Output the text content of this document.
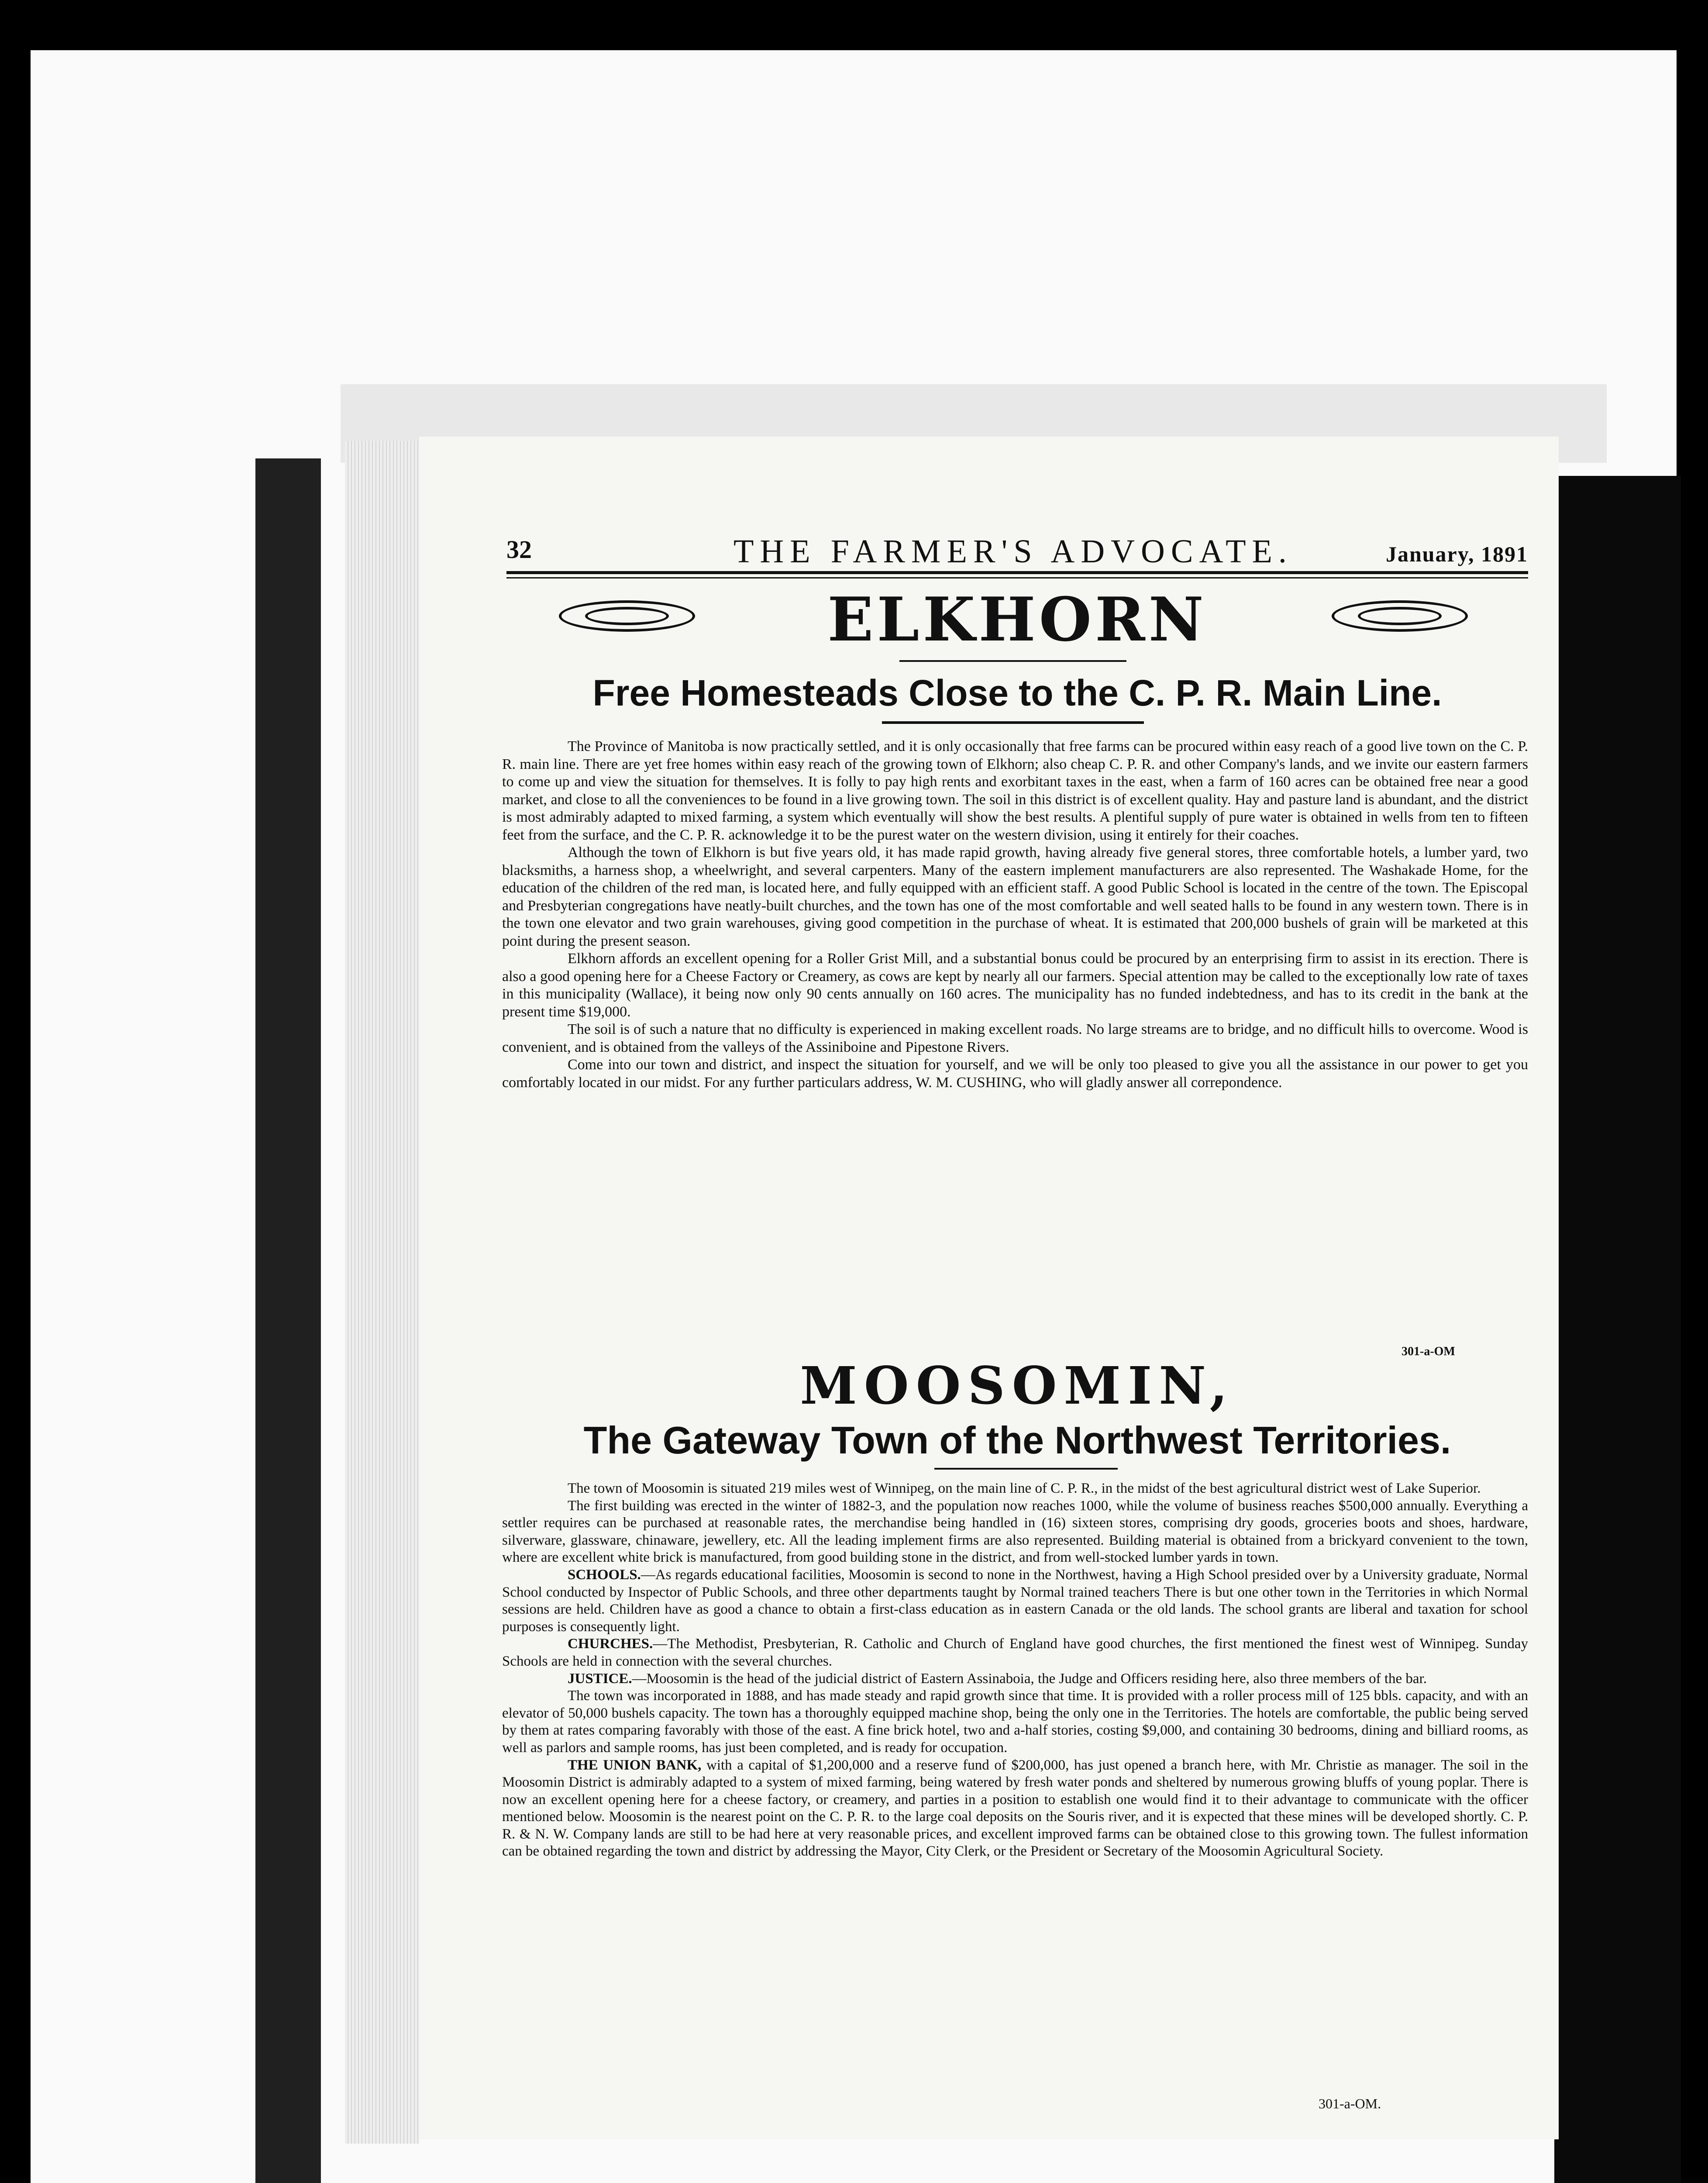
32	THE FARMER'S ADVOCATE.	January, 1891
ELKHORN
Free Homesteads Close to the C. P. R. Main Line.

The Province of Manitoba is now practically settled, and it is only occasionally that free farms can be procured within easy reach of a good live town on the C. P. R. main line. There are yet free homes within easy reach of the growing town of Elkhorn; also cheap C. P. R. and other Company's lands, and we invite our eastern farmers to come up and view the situation for themselves. It is folly to pay high rents and exorbitant taxes in the east, when a farm of 160 acres can be obtained free near a good market, and close to all the conveniences to be found in a live growing town. The soil in this district is of excellent quality. Hay and pasture land is abundant, and the district is most admirably adapted to mixed farming, a system which eventually will show the best results. A plentiful supply of pure water is obtained in wells from ten to fifteen feet from the surface, and the C. P. R. acknowledge it to be the purest water on the western division, using it entirely for their coaches.

Although the town of Elkhorn is but five years old, it has made rapid growth, having already five general stores, three comfortable hotels, a lumber yard, two blacksmiths, a harness shop, a wheelwright, and several carpenters. Many of the eastern implement manufacturers are also represented. The Washakade Home, for the education of the children of the red man, is located here, and fully equipped with an efficient staff. A good Public School is located in the centre of the town. The Episcopal and Presbyterian congregations have neatly-built churches, and the town has one of the most comfortable and well seated halls to be found in any western town. There is in the town one elevator and two grain warehouses, giving good competition in the purchase of wheat. It is estimated that 200,000 bushels of grain will be marketed at this point during the present season.

Elkhorn affords an excellent opening for a Roller Grist Mill, and a substantial bonus could be procured by an enterprising firm to assist in its erection. There is also a good opening here for a Cheese Factory or Creamery, as cows are kept by nearly all our farmers. Special attention may be called to the exceptionally low rate of taxes in this municipality (Wallace), it being now only 90 cents annually on 160 acres. The municipality has no funded indebtedness, and has to its credit in the bank at the present time $19,000.

The soil is of such a nature that no difficulty is experienced in making excellent roads. No large streams are to bridge, and no difficult hills to overcome. Wood is convenient, and is obtained from the valleys of the Assiniboine and Pipestone Rivers.

Come into our town and district, and inspect the situation for yourself, and we will be only too pleased to give you all the assistance in our power to get you comfortably located in our midst. For any further particulars address, W. M. CUSHING, who will gladly answer all correpondence.

301-a-OM
MOOSOMIN,
The Gateway Town of the Northwest Territories.

The town of Moosomin is situated 219 miles west of Winnipeg, on the main line of C. P. R., in the midst of the best agricultural district west of Lake Superior.

The first building was erected in the winter of 1882-3, and the population now reaches 1000, while the volume of business reaches $500,000 annually. Everything a settler requires can be purchased at reasonable rates, the merchandise being handled in (16) sixteen stores, comprising dry goods, groceries boots and shoes, hardware, silverware, glassware, chinaware, jewellery, etc. All the leading implement firms are also represented. Building material is obtained from a brickyard convenient to the town, where are excellent white brick is manufactured, from good building stone in the district, and from well-stocked lumber yards in town.

SCHOOLS.—As regards educational facilities, Moosomin is second to none in the Northwest, having a High School presided over by a University graduate, Normal School conducted by Inspector of Public Schools, and three other departments taught by Normal trained teachers There is but one other town in the Territories in which Normal sessions are held. Children have as good a chance to obtain a first-class education as in eastern Canada or the old lands. The school grants are liberal and taxation for school purposes is consequently light.

CHURCHES.—The Methodist, Presbyterian, R. Catholic and Church of England have good churches, the first mentioned the finest west of Winnipeg. Sunday Schools are held in connection with the several churches.

JUSTICE.—Moosomin is the head of the judicial district of Eastern Assinaboia, the Judge and Officers residing here, also three members of the bar.

The town was incorporated in 1888, and has made steady and rapid growth since that time. It is provided with a roller process mill of 125 bbls. capacity, and with an elevator of 50,000 bushels capacity. The town has a thoroughly equipped machine shop, being the only one in the Territories. The hotels are comfortable, the public being served by them at rates comparing favorably with those of the east. A fine brick hotel, two and a-half stories, costing $9,000, and containing 30 bedrooms, dining and billiard rooms, as well as parlors and sample rooms, has just been completed, and is ready for occupation.

THE UNION BANK, with a capital of $1,200,000 and a reserve fund of $200,000, has just opened a branch here, with Mr. Christie as manager. The soil in the Moosomin District is admirably adapted to a system of mixed farming, being watered by fresh water ponds and sheltered by numerous growing bluffs of young poplar. There is now an excellent opening here for a cheese factory, or creamery, and parties in a position to establish one would find it to their advantage to communicate with the officer mentioned below. Moosomin is the nearest point on the C. P. R. to the large coal deposits on the Souris river, and it is expected that these mines will be developed shortly. C. P. R. & N. W. Company lands are still to be had here at very reasonable prices, and excellent improved farms can be obtained close to this growing town. The fullest information can be obtained regarding the town and district by addressing the Mayor, City Clerk, or the President or Secretary of the Moosomin Agricultural Society.

301-a-OM.
